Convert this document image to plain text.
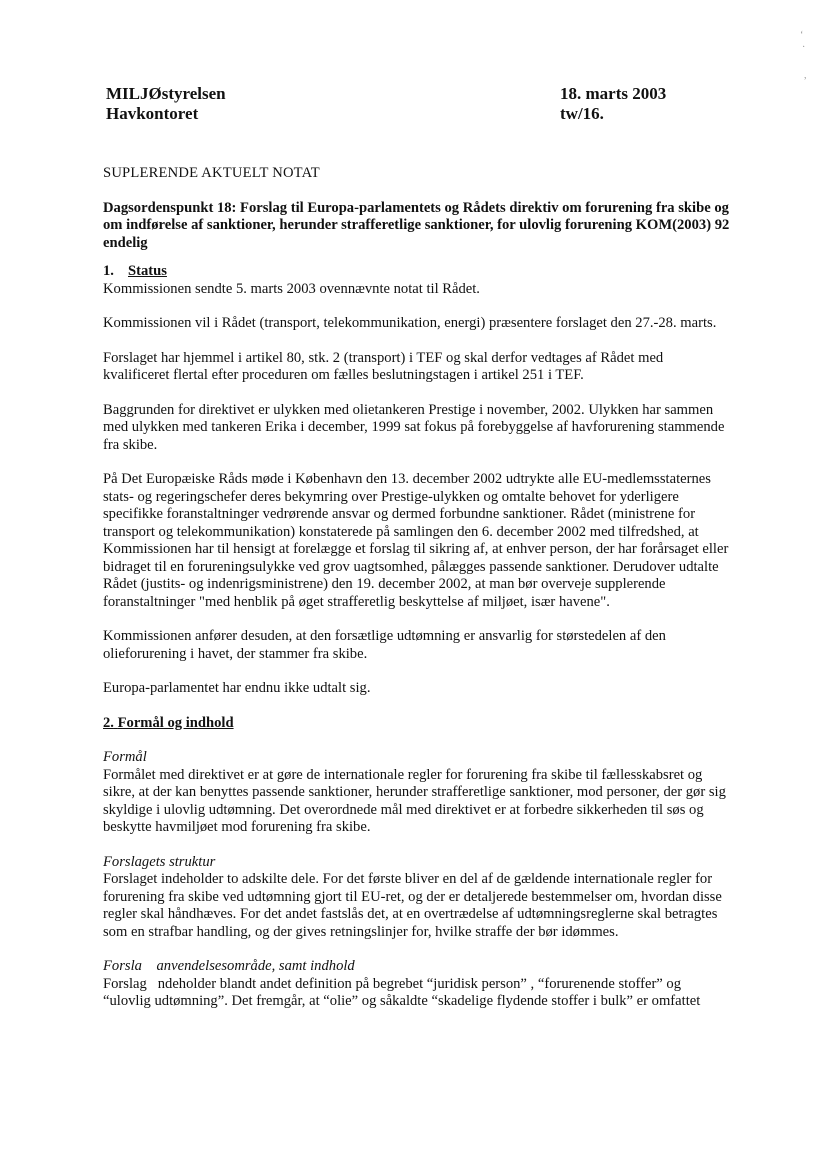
‘
·
,
MILJØstyrelsen
Havkontoret
18. marts 2003
tw/16.
SUPLERENDE AKTUELT NOTAT
Dagsordenspunkt 18: Forslag til Europa-parlamentets og Rådets direktiv om forurening fra skibe og om indførelse af sanktioner, herunder strafferetlige sanktioner, for ulovlig forurening KOM(2003) 92 endelig
1. Status

Kommissionen sendte 5. marts 2003 ovennævnte notat til Rådet.

Kommissionen vil i Rådet (transport, telekommunikation, energi) præsentere forslaget den 27.-28. marts.

Forslaget har hjemmel i artikel 80, stk. 2 (transport) i TEF og skal derfor vedtages af Rådet med kvalificeret flertal efter proceduren om fælles beslutningstagen i artikel 251 i TEF.

Baggrunden for direktivet er ulykken med olietankeren Prestige i november, 2002. Ulykken har sammen med ulykken med tankeren Erika i december, 1999 sat fokus på forebyggelse af havforurening stammende fra skibe.

På Det Europæiske Råds møde i København den 13. december 2002 udtrykte alle EU-medlemsstaternes stats- og regeringschefer deres bekymring over Prestige-ulykken og omtalte behovet for yderligere specifikke foranstaltninger vedrørende ansvar og dermed forbundne sanktioner. Rådet (ministrene for transport og telekommunikation) konstaterede på samlingen den 6. december 2002 med tilfredshed, at Kommissionen har til hensigt at forelægge et forslag til sikring af, at enhver person, der har forårsaget eller bidraget til en forureningsulykke ved grov uagtsomhed, pålægges passende sanktioner. Derudover udtalte Rådet (justits- og indenrigsministrene) den 19. december 2002, at man bør overveje supplerende foranstaltninger "med henblik på øget strafferetlig beskyttelse af miljøet, især havene".

Kommissionen anfører desuden, at den forsætlige udtømning er ansvarlig for størstedelen af den olieforurening i havet, der stammer fra skibe.

Europa-parlamentet har endnu ikke udtalt sig.

2. Formål og indhold
Formål

Formålet med direktivet er at gøre de internationale regler for forurening fra skibe til fællesskabsret og sikre, at der kan benyttes passende sanktioner, herunder strafferetlige sanktioner, mod personer, der gør sig skyldige i ulovlig udtømning. Det overordnede mål med direktivet er at forbedre sikkerheden til søs og beskytte havmiljøet mod forurening fra skibe.

Forslagets struktur

Forslaget indeholder to adskilte dele. For det første bliver en del af de gældende internationale regler for forurening fra skibe ved udtømning gjort til EU-ret, og der er detaljerede bestemmelser om, hvordan disse regler skal håndhæves. For det andet fastslås det, at en overtrædelse af udtømningsreglerne skal betragtes som en strafbar handling, og der gives retningslinjer for, hvilke straffe der bør idømmes.

Forsla    anvendelsesområde, samt indhold

Forslag   ndeholder blandt andet definition på begrebet “juridisk person” , “forurenende stoffer” og “ulovlig udtømning”. Det fremgår, at “olie” og såkaldte “skadelige flydende stoffer i bulk” er omfattet
